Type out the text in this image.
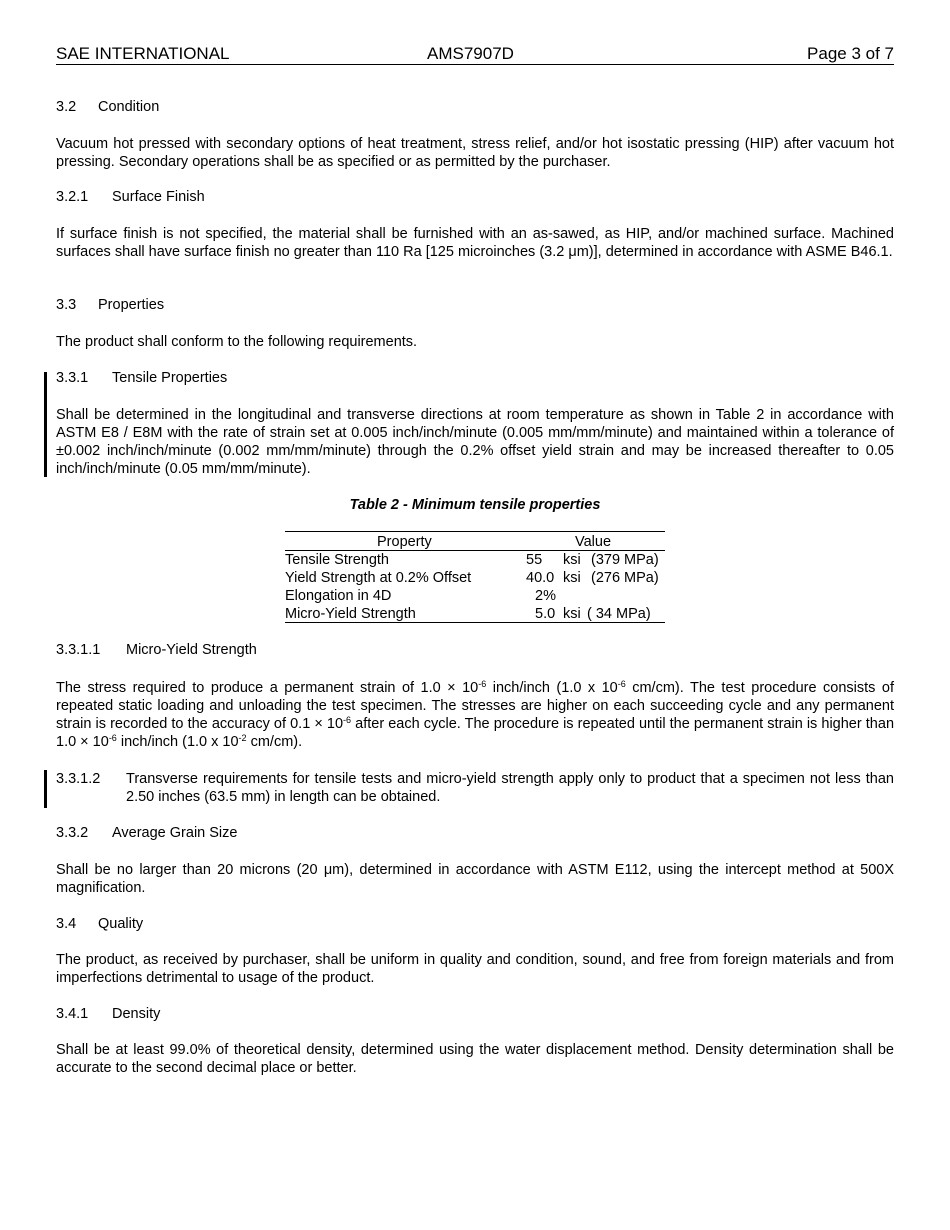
SAE INTERNATIONAL	AMS7907D	Page 3 of 7
3.2 Condition
Vacuum hot pressed with secondary options of heat treatment, stress relief, and/or hot isostatic pressing (HIP) after vacuum hot pressing. Secondary operations shall be as specified or as permitted by the purchaser.
3.2.1 Surface Finish
If surface finish is not specified, the material shall be furnished with an as-sawed, as HIP, and/or machined surface. Machined surfaces shall have surface finish no greater than 110 Ra [125 microinches (3.2 μm)], determined in accordance with ASME B46.1.
3.3 Properties
The product shall conform to the following requirements.
3.3.1 Tensile Properties
Shall be determined in the longitudinal and transverse directions at room temperature as shown in Table 2 in accordance with ASTM E8 / E8M with the rate of strain set at 0.005 inch/inch/minute (0.005 mm/mm/minute) and maintained within a tolerance of ±0.002 inch/inch/minute (0.002 mm/mm/minute) through the 0.2% offset yield strain and may be increased thereafter to 0.05 inch/inch/minute (0.05 mm/mm/minute).
Table 2 - Minimum tensile properties
Property	Value
Tensile Strength	55 ksi (379 MPa)
Yield Strength at 0.2% Offset	40.0 ksi (276 MPa)
Elongation in 4D	2%
Micro-Yield Strength	5.0 ksi ( 34 MPa)
3.3.1.1 Micro-Yield Strength
The stress required to produce a permanent strain of $1.0 \times 10^{-6}$ inch/inch (1.0 x $10^{-6}$ cm/cm). The test procedure consists of repeated static loading and unloading the test specimen. The stresses are higher on each succeeding cycle and any permanent strain is recorded to the accuracy of $0.1 \times 10^{-6}$ after each cycle. The procedure is repeated until the permanent strain is higher than $1.0 \times 10^{-6}$ inch/inch (1.0 x $10^{-2}$ cm/cm).
3.3.1.2	Transverse requirements for tensile tests and micro-yield strength apply only to product that a specimen not less than 2.50 inches (63.5 mm) in length can be obtained.
3.3.2 Average Grain Size
Shall be no larger than 20 microns (20 μm), determined in accordance with ASTM E112, using the intercept method at 500X magnification.
3.4 Quality
The product, as received by purchaser, shall be uniform in quality and condition, sound, and free from foreign materials and from imperfections detrimental to usage of the product.
3.4.1 Density
Shall be at least 99.0% of theoretical density, determined using the water displacement method. Density determination shall be accurate to the second decimal place or better.
